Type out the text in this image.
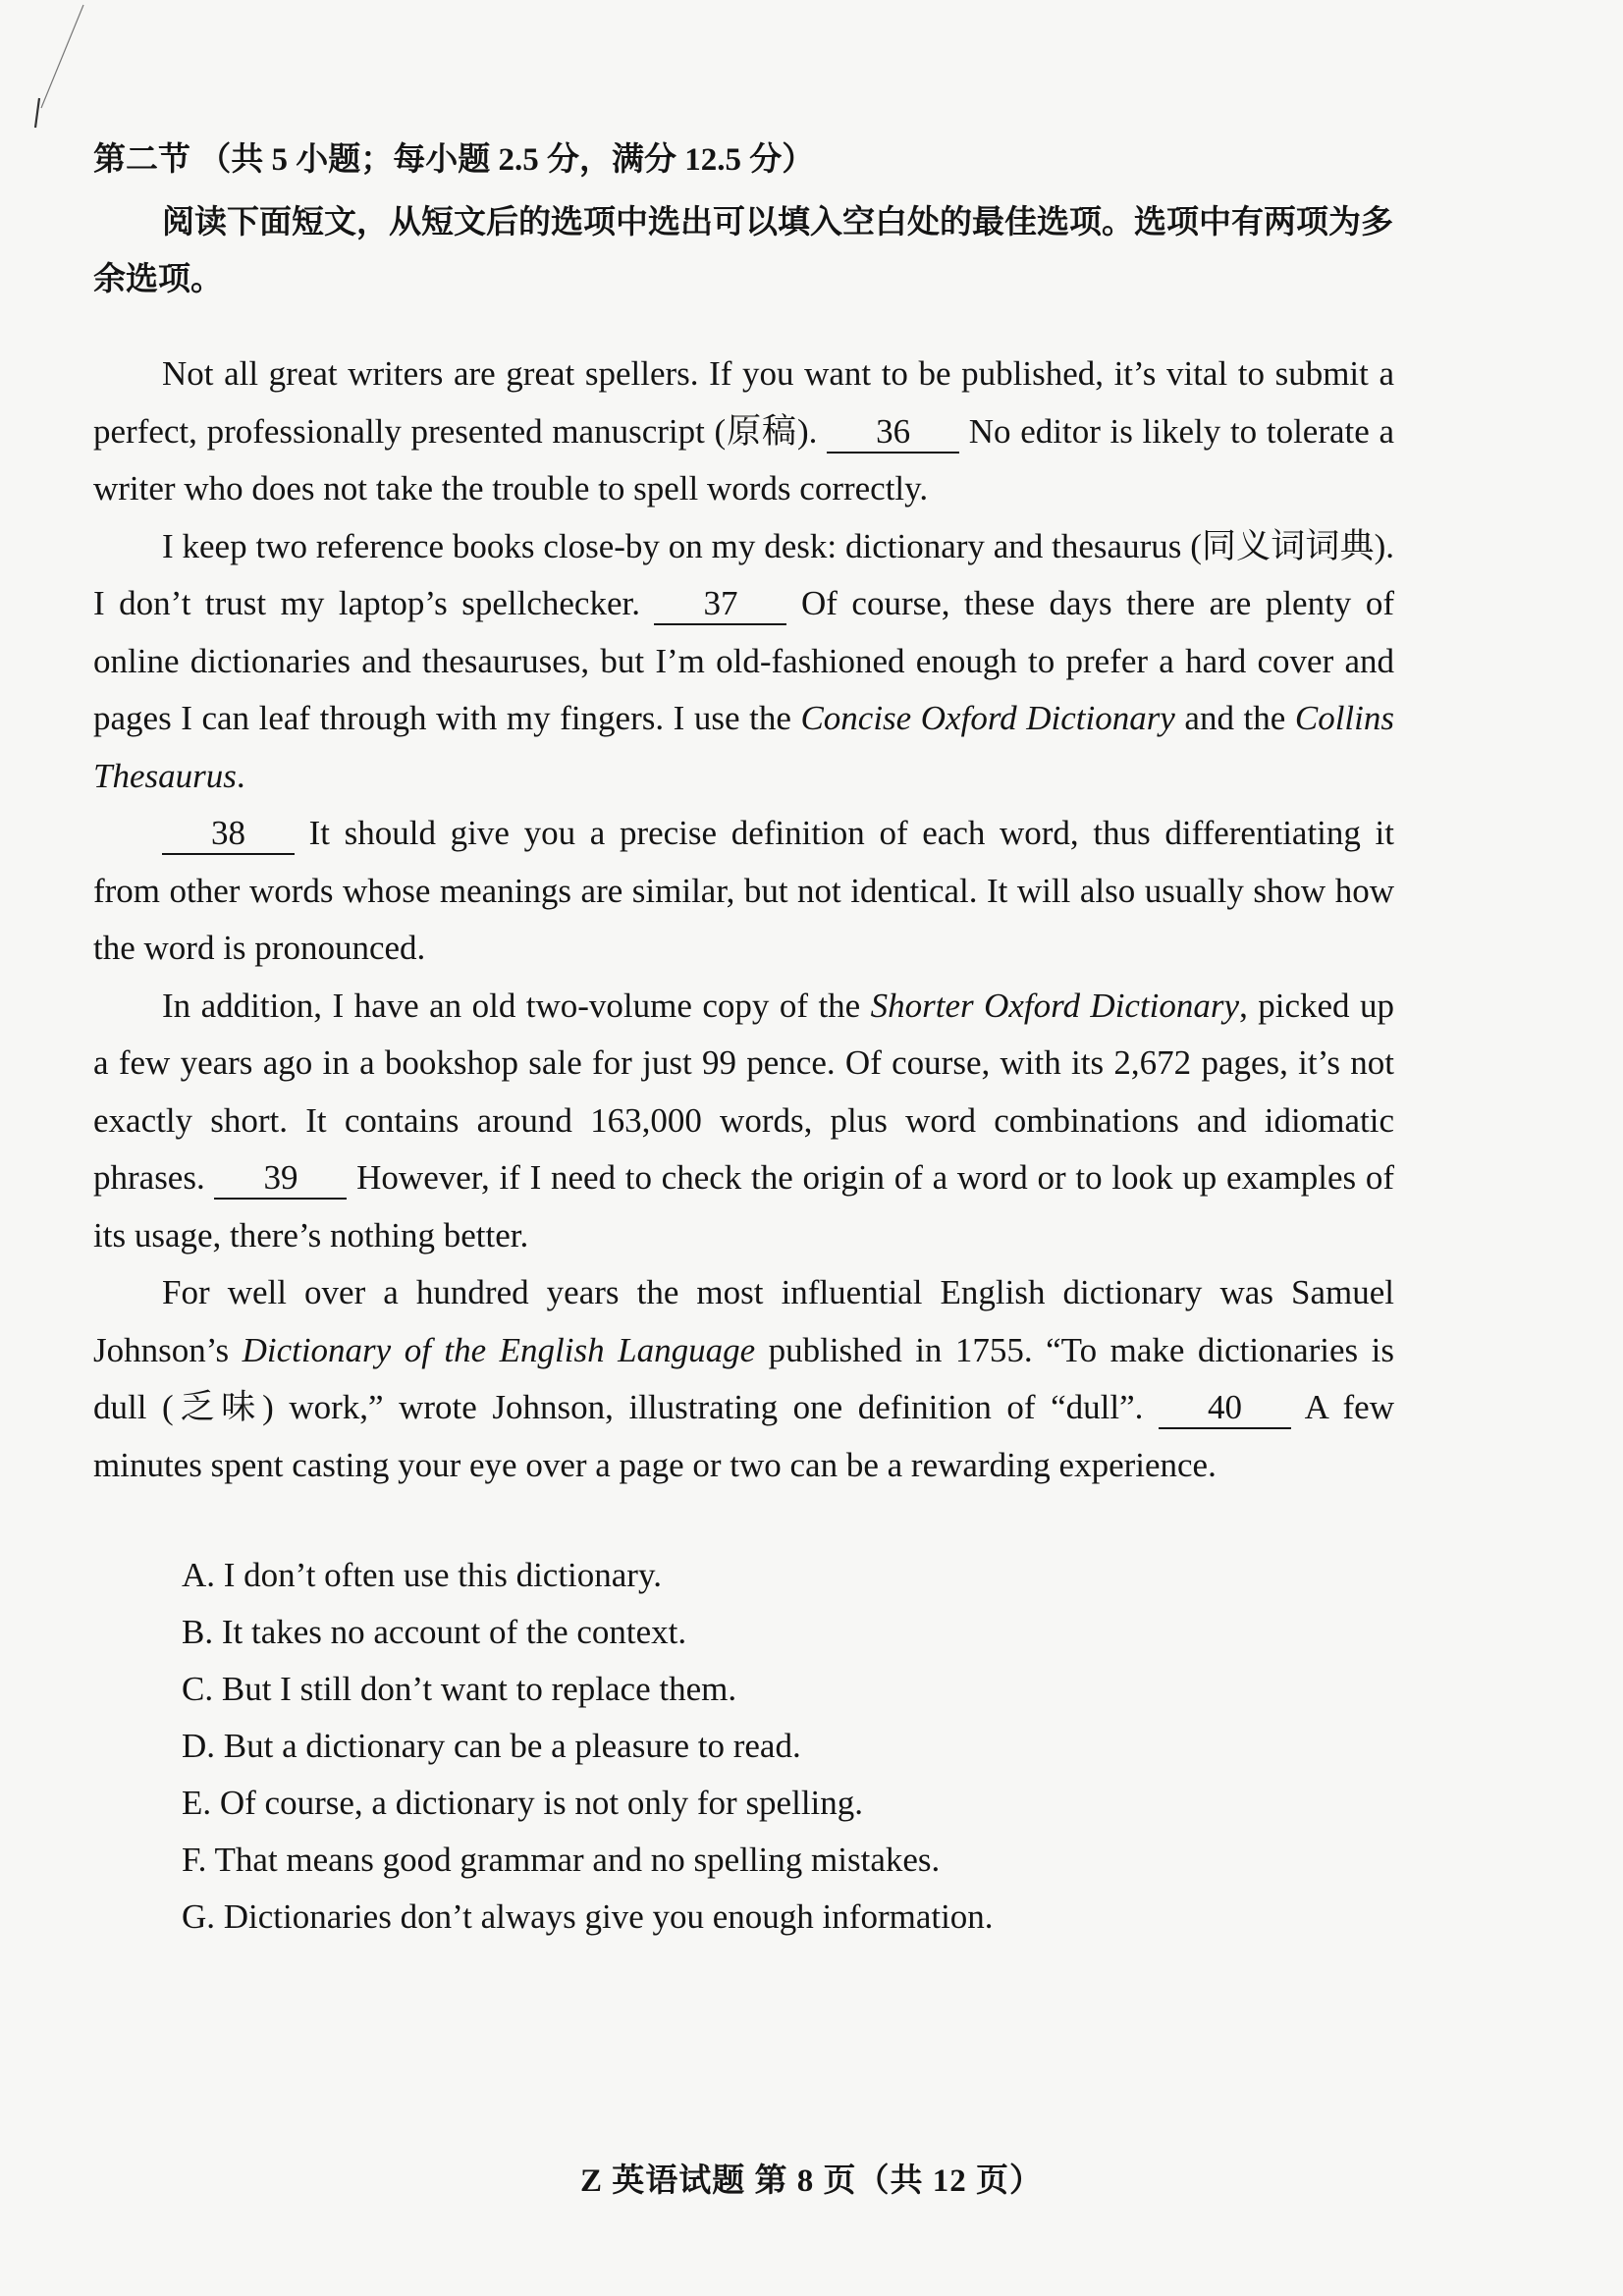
第二节 （共 5 小题；每小题 2.5 分，满分 12.5 分）

阅读下面短文，从短文后的选项中选出可以填入空白处的最佳选项。选项中有两项为多余选项。

Not all great writers are great spellers. If you want to be published, it’s vital to submit a perfect, professionally presented manuscript (原稿). 36 No editor is likely to tolerate a writer who does not take the trouble to spell words correctly.

I keep two reference books close-by on my desk: dictionary and thesaurus (同义词词典). I don’t trust my laptop’s spellchecker. 37 Of course, these days there are plenty of online dictionaries and thesauruses, but I’m old-fashioned enough to prefer a hard cover and pages I can leaf through with my fingers. I use the Concise Oxford Dictionary and the Collins Thesaurus.

38 It should give you a precise definition of each word, thus differentiating it from other words whose meanings are similar, but not identical. It will also usually show how the word is pronounced.

In addition, I have an old two-volume copy of the Shorter Oxford Dictionary, picked up a few years ago in a bookshop sale for just 99 pence. Of course, with its 2,672 pages, it’s not exactly short. It contains around 163,000 words, plus word combinations and idiomatic phrases. 39 However, if I need to check the origin of a word or to look up examples of its usage, there’s nothing better.

For well over a hundred years the most influential English dictionary was Samuel Johnson’s Dictionary of the English Language published in 1755. “To make dictionaries is dull (乏味) work,” wrote Johnson, illustrating one definition of “dull”. 40 A few minutes spent casting your eye over a page or two can be a rewarding experience.

A. I don’t often use this dictionary.

B. It takes no account of the context.

C. But I still don’t want to replace them.

D. But a dictionary can be a pleasure to read.

E. Of course, a dictionary is not only for spelling.

F. That means good grammar and no spelling mistakes.

G. Dictionaries don’t always give you enough information.

Z 英语试题 第 8 页（共 12 页）
